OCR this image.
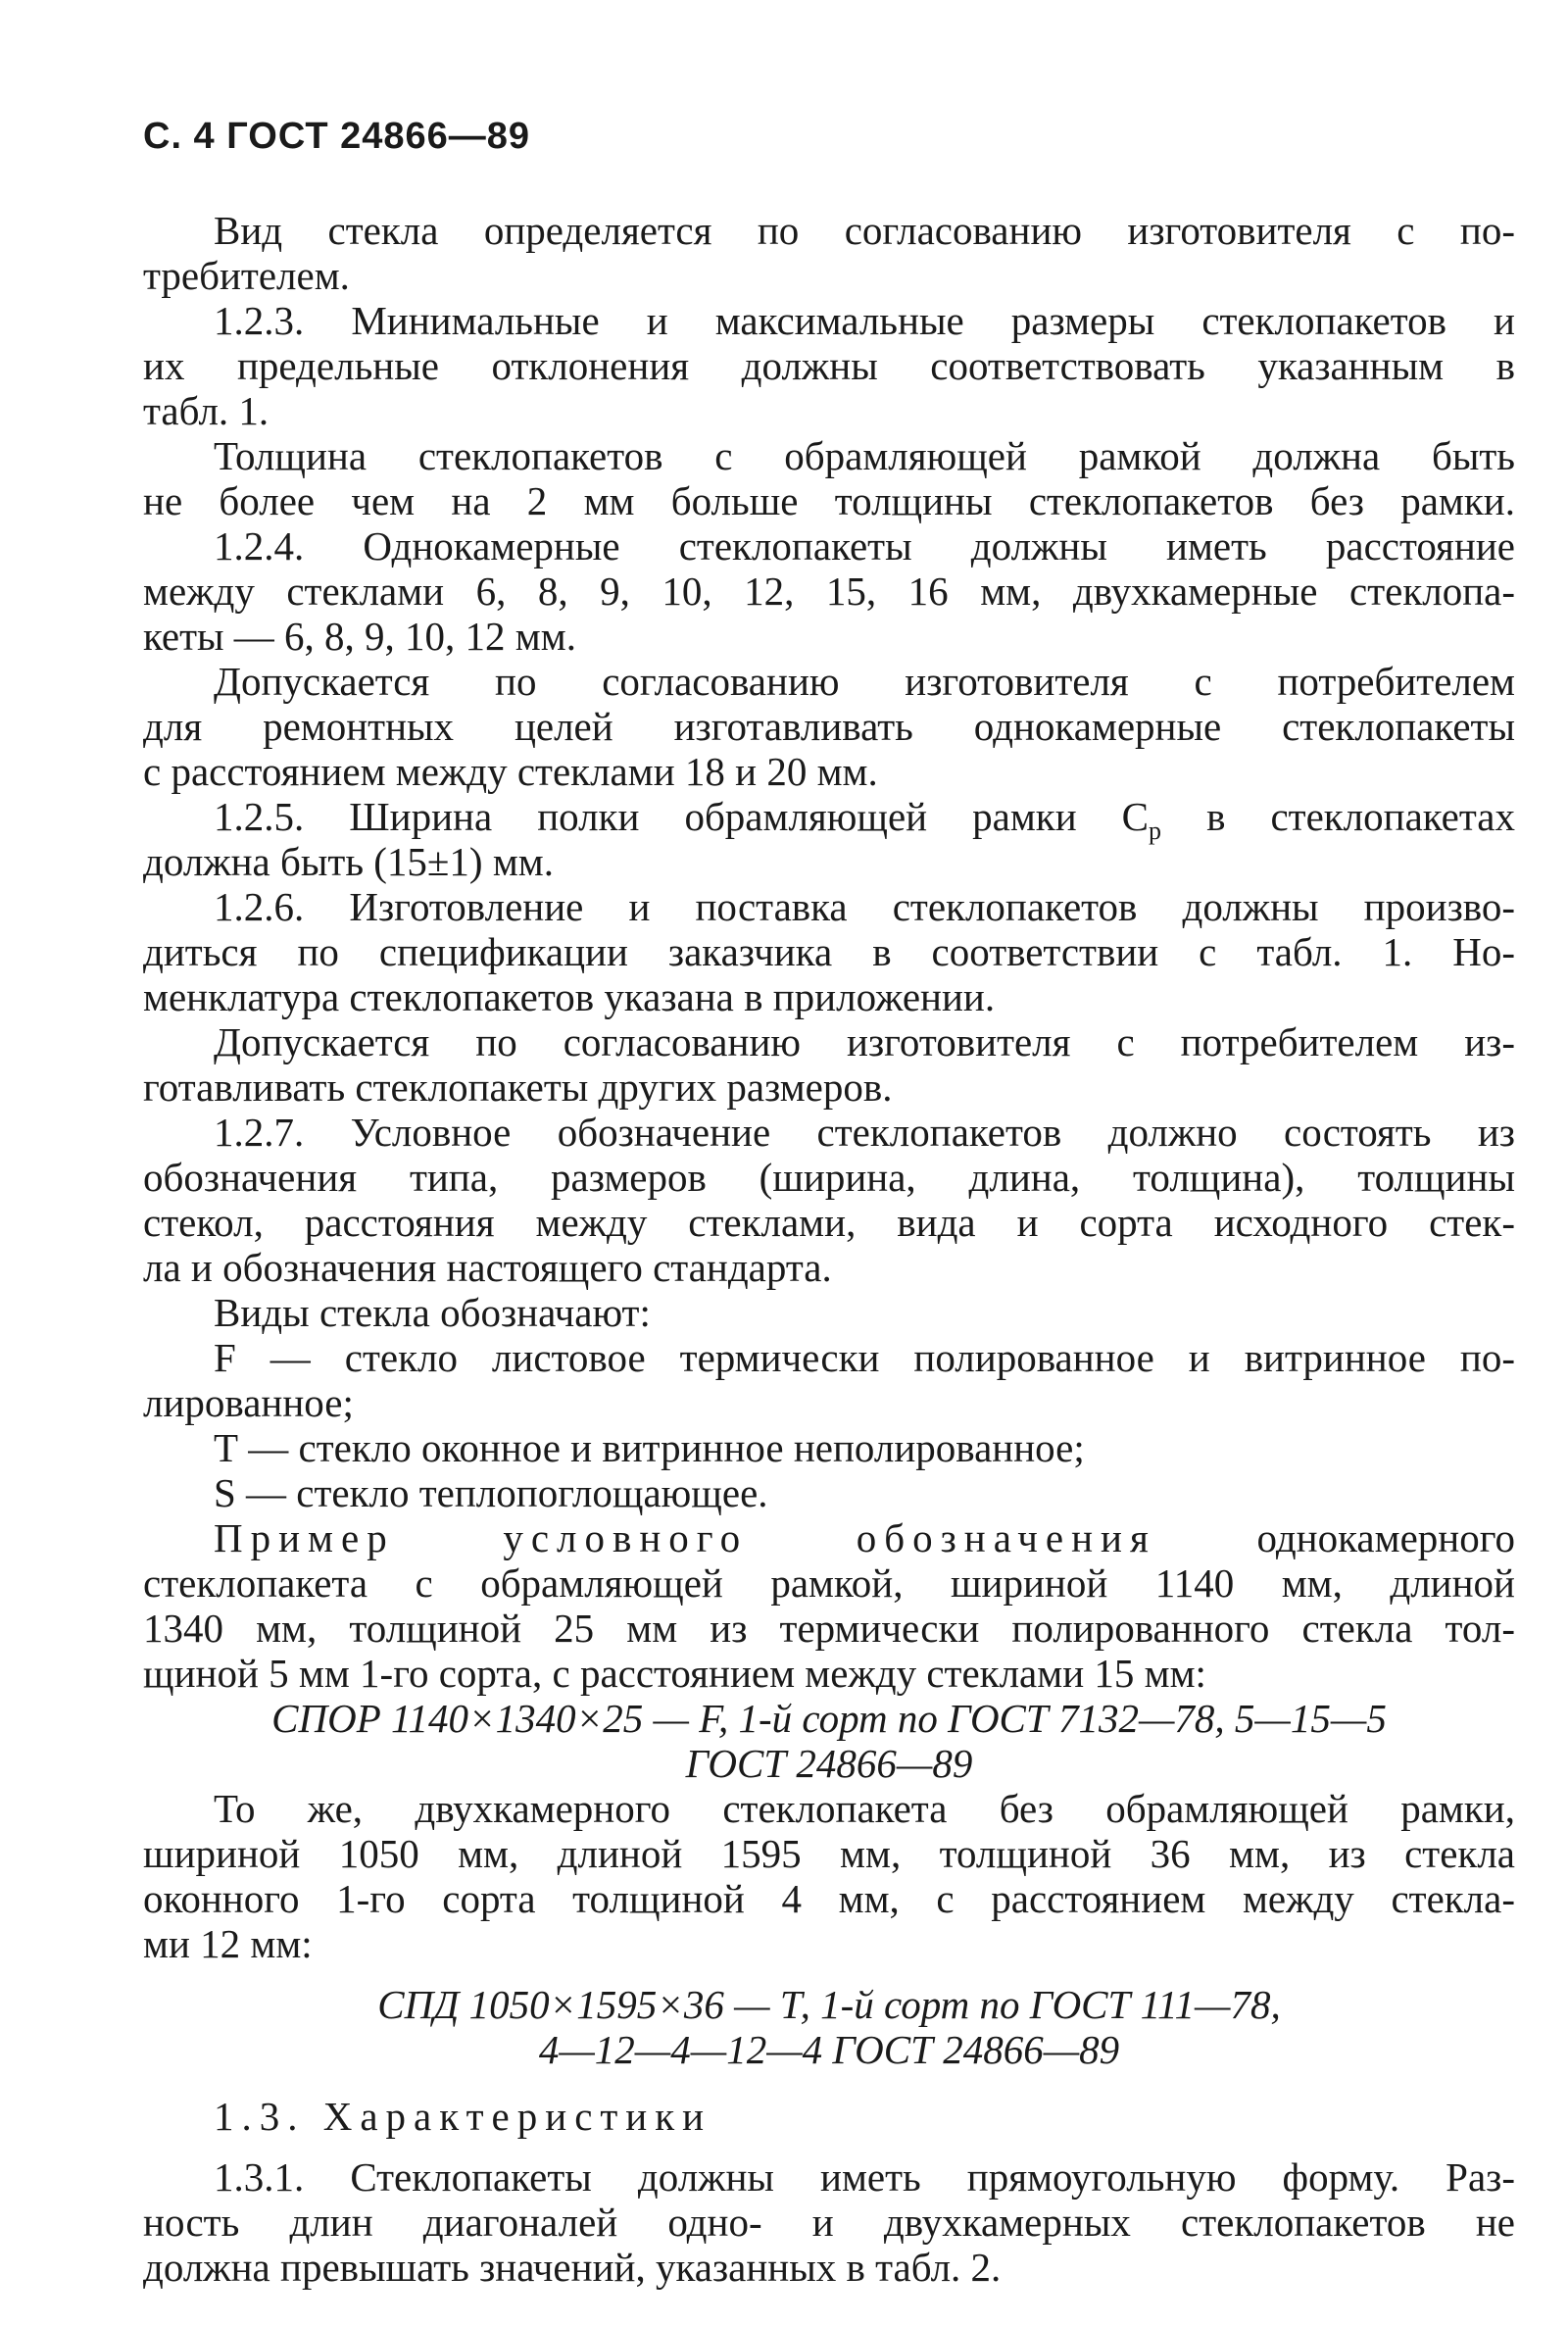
С. 4 ГОСТ 24866—89
Вид стекла определяется по согласованию изготовителя с по-
требителем.
1.2.3. Минимальные и максимальные размеры стеклопакетов и
их предельные отклонения должны соответствовать указанным в
табл. 1.
Толщина стеклопакетов с обрамляющей рамкой должна быть
не более чем на 2 мм больше толщины стеклопакетов без рамки.
1.2.4. Однокамерные стеклопакеты должны иметь расстояние
между стеклами 6, 8, 9, 10, 12, 15, 16 мм, двухкамерные стеклопа-
кеты — 6, 8, 9, 10, 12 мм.
Допускается по согласованию изготовителя с потребителем
для ремонтных целей изготавливать однокамерные стеклопакеты
с расстоянием между стеклами 18 и 20 мм.
1.2.5. Ширина полки обрамляющей рамки $C_p$ в стеклопакетах
должна быть (15±1) мм.
1.2.6. Изготовление и поставка стеклопакетов должны произво-
диться по спецификации заказчика в соответствии с табл. 1. Но-
менклатура стеклопакетов указана в приложении.
Допускается по согласованию изготовителя с потребителем из-
готавливать стеклопакеты других размеров.
1.2.7. Условное обозначение стеклопакетов должно состоять из
обозначения типа, размеров (ширина, длина, толщина), толщины
стекол, расстояния между стеклами, вида и сорта исходного стек-
ла и обозначения настоящего стандарта.
Виды стекла обозначают:
F — стекло листовое термически полированное и витринное по-
лированное;
Т — стекло оконное и витринное неполированное;
S — стекло теплопоглощающее.
Пример условного обозначения однокамерного
стеклопакета с обрамляющей рамкой, шириной 1140 мм, длиной
1340 мм, толщиной 25 мм из термически полированного стекла тол-
щиной 5 мм 1-го сорта, с расстоянием между стеклами 15 мм:
СПОР 1140×1340×25 — F, 1-й сорт по ГОСТ 7132—78, 5—15—5
ГОСТ 24866—89
То же, двухкамерного стеклопакета без обрамляющей рамки,
шириной 1050 мм, длиной 1595 мм, толщиной 36 мм, из стекла
оконного 1-го сорта толщиной 4 мм, с расстоянием между стекла-
ми 12 мм:
СПД 1050×1595×36 — Т, 1-й сорт по ГОСТ 111—78,
4—12—4—12—4 ГОСТ 24866—89
1.3. Характеристики
1.3.1. Стеклопакеты должны иметь прямоугольную форму. Раз-
ность длин диагоналей одно- и двухкамерных стеклопакетов не
должна превышать значений, указанных в табл. 2.
